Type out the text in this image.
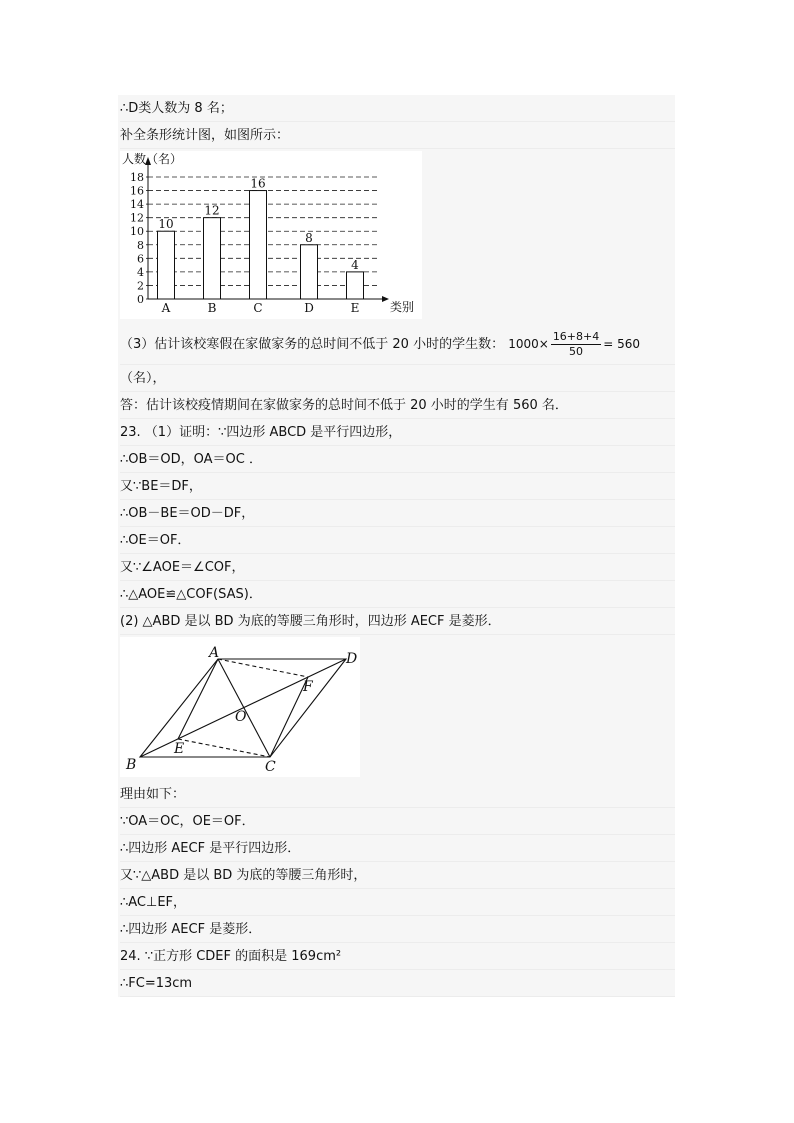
∴D类人数为 8 名；
补全条形统计图，如图所示：
0
2
4
6
8
10
12
14
16
18
人数（名）
类别
10
A
12
B
16
C
8
D
4
E
（3）估计该校寒假在家做家务的总时间不低于 20 小时的学生数： $1000\times \frac{16+8+4}{50} = 560$
（名），
答：估计该校疫情期间在家做家务的总时间不低于 20 小时的学生有 560 名．
23. （1）证明：∵四边形 ABCD 是平行四边形，
∴OB＝OD，OA＝OC ．
又∵BE＝DF，
∴OB－BE＝OD－DF，
∴OE＝OF．
又∵∠AOE＝∠COF，
∴△AOE≌△COF(SAS)．
(2) △ABD 是以 BD 为底的等腰三角形时，四边形 AECF 是菱形．
A	D
F
O
E
B	C
理由如下：
∵OA＝OC，OE＝OF．
∴四边形 AECF 是平行四边形．
又∵△ABD 是以 BD 为底的等腰三角形时，
∴AC⊥EF，
∴四边形 AECF 是菱形．
24. ∵正方形 CDEF 的面积是 169cm²
∴FC=13cm
